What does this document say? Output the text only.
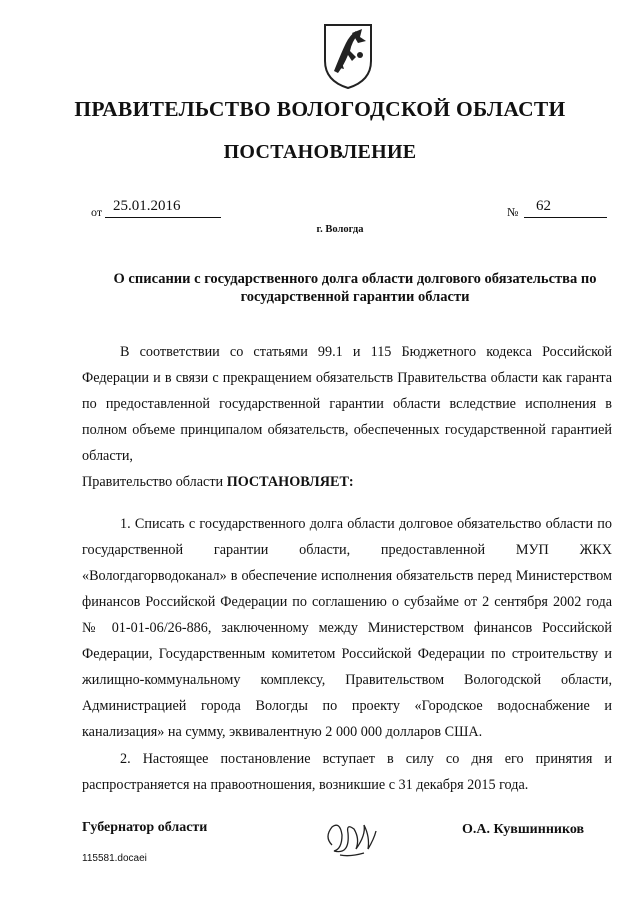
ПРАВИТЕЛЬСТВО ВОЛОГОДСКОЙ ОБЛАСТИ
ПОСТАНОВЛЕНИЕ
от 25.01.2016	№	62
г. Вологда
О списании с государственного долга области долгового обязательства по государственной гарантии области
В соответствии со статьями 99.1 и 115 Бюджетного кодекса Российской Федерации и в связи с прекращением обязательств Правительства области как гаранта по предоставленной государственной гарантии области вследствие исполнения в полном объеме принципалом обязательств, обеспеченных государственной гарантией области,
Правительство области ПОСТАНОВЛЯЕТ:
1. Списать с государственного долга области долговое обязательство области по государственной гарантии области, предоставленной МУП ЖКХ «Вологдагорводоканал» в обеспечение исполнения обязательств перед Министерством финансов Российской Федерации по соглашению о субзайме от 2 сентября 2002 года № 01-01-06/26-886, заключенному между Министерством финансов Российской Федерации, Государственным комитетом Российской Федерации по строительству и жилищно-коммунальному комплексу, Правительством Вологодской области, Администрацией города Вологды по проекту «Городское водоснабжение и канализация» на сумму, эквивалентную 2 000 000 долларов США.
2. Настоящее постановление вступает в силу со дня его принятия и распространяется на правоотношения, возникшие с 31 декабря 2015 года.
Губернатор области	О.А. Кувшинников
115581.docaei
